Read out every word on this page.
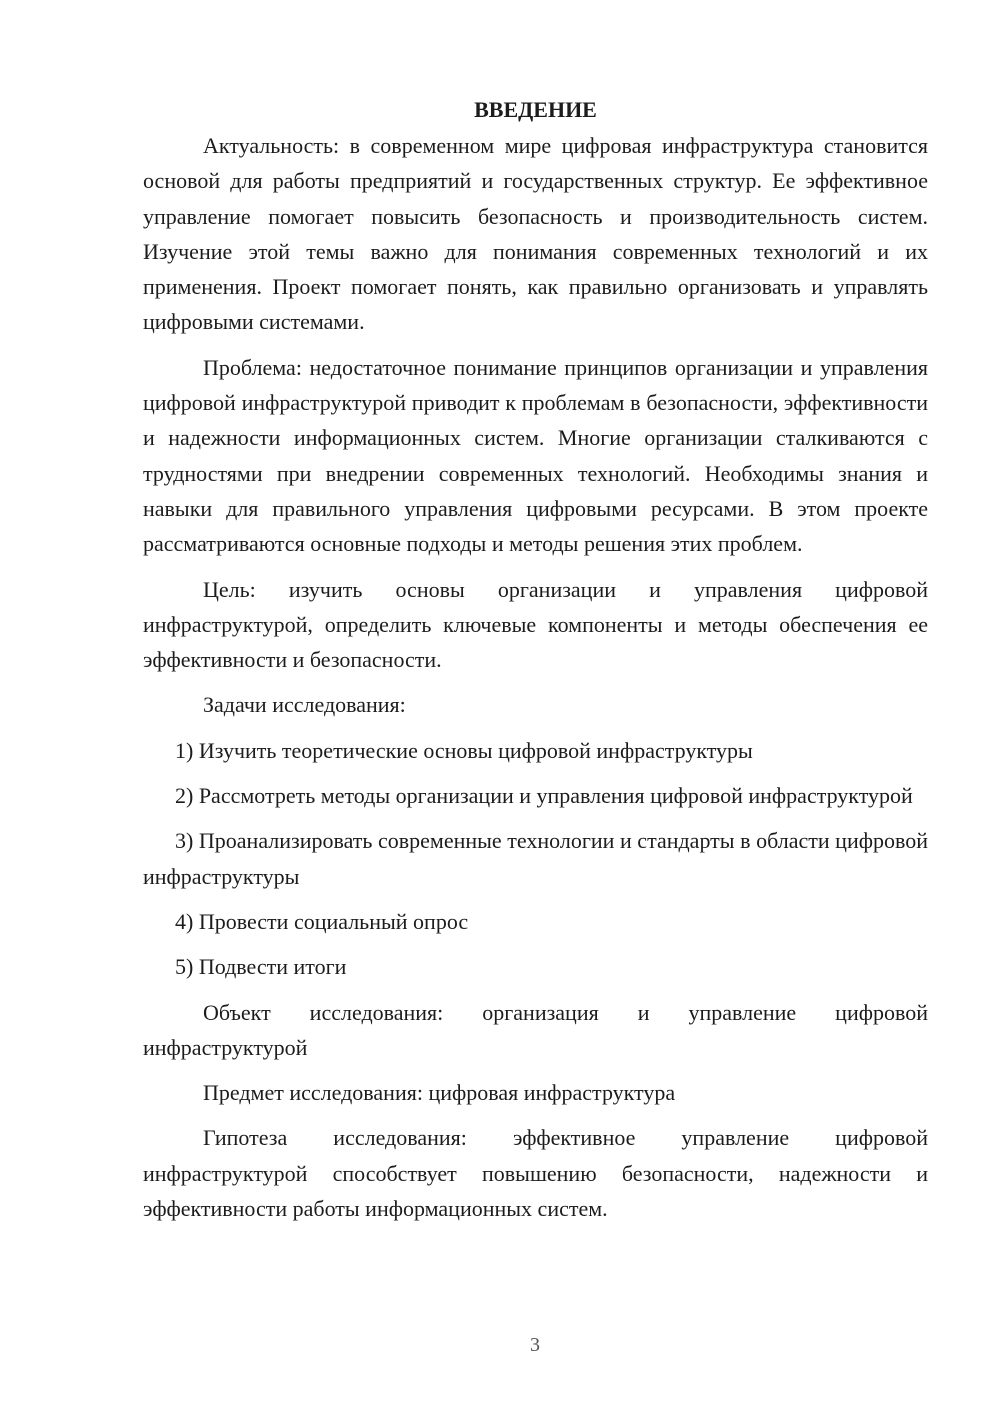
ВВЕДЕНИЕ

Актуальность: в современном мире цифровая инфраструктура становится основой для работы предприятий и государственных структур. Ее эффективное управление помогает повысить безопасность и производительность систем. Изучение этой темы важно для понимания современных технологий и их применения. Проект помогает понять, как правильно организовать и управлять цифровыми системами.

Проблема: недостаточное понимание принципов организации и управления цифровой инфраструктурой приводит к проблемам в безопасности, эффективности и надежности информационных систем. Многие организации сталкиваются с трудностями при внедрении современных технологий. Необходимы знания и навыки для правильного управления цифровыми ресурсами. В этом проекте рассматриваются основные подходы и методы решения этих проблем.

Цель: изучить основы организации и управления цифровой инфраструктурой, определить ключевые компоненты и методы обеспечения ее эффективности и безопасности.

Задачи исследования:

1) Изучить теоретические основы цифровой инфраструктуры

2) Рассмотреть методы организации и управления цифровой инфраструктурой

3) Проанализировать современные технологии и стандарты в области цифровой инфраструктуры

4) Провести социальный опрос

5) Подвести итоги

Объект исследования: организация и управление цифровой инфраструктурой

Предмет исследования: цифровая инфраструктура

Гипотеза исследования: эффективное управление цифровой инфраструктурой способствует повышению безопасности, надежности и эффективности работы информационных систем.

3
